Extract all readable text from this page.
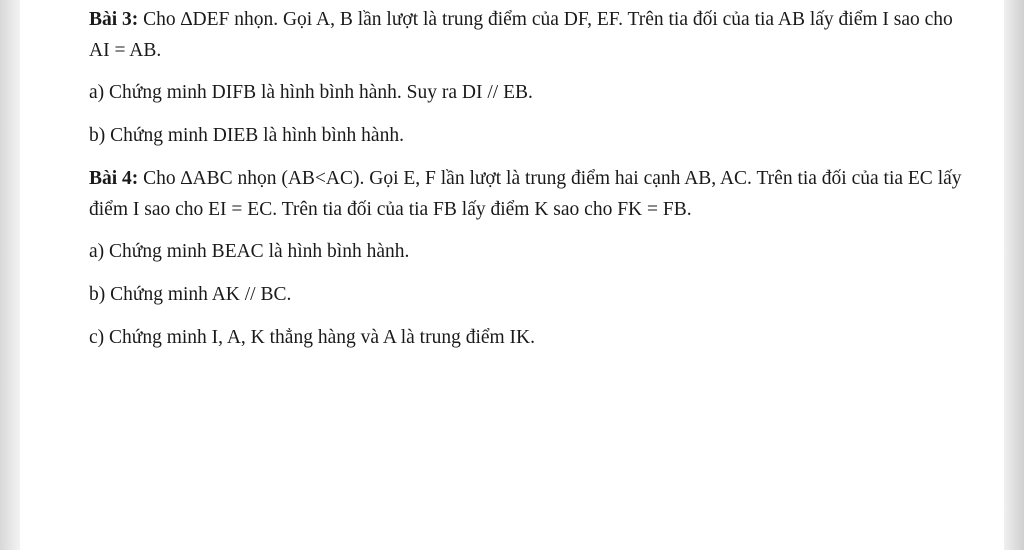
Bài 3: Cho ∆DEF nhọn. Gọi A, B lần lượt là trung điểm của DF, EF. Trên tia đối của tia AB lấy điểm I sao cho AI = AB.

a) Chứng minh DIFB là hình bình hành. Suy ra DI // EB.

b) Chứng minh DIEB là hình bình hành.

Bài 4: Cho ∆ABC nhọn (AB<AC). Gọi E, F lần lượt là trung điểm hai cạnh AB, AC. Trên tia đối của tia EC lấy điểm I sao cho EI = EC. Trên tia đối của tia FB lấy điểm K sao cho FK = FB.

a) Chứng minh BEAC là hình bình hành.

b) Chứng minh AK // BC.

c) Chứng minh I, A, K thẳng hàng và A là trung điểm IK.
